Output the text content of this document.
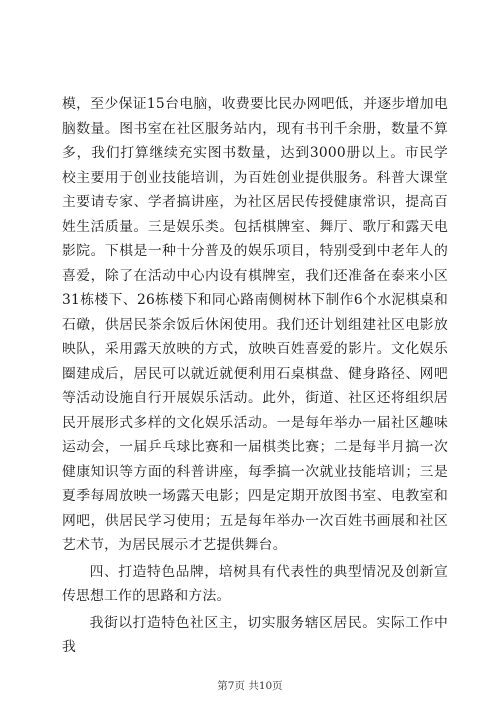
模，至少保证15台电脑，收费要比民办网吧低，并逐步增加电脑数量。图书室在社区服务站内，现有书刊千余册，数量不算多，我们打算继续充实图书数量，达到3000册以上。市民学校主要用于创业技能培训，为百姓创业提供服务。科普大课堂主要请专家、学者搞讲座，为社区居民传授健康常识，提高百姓生活质量。三是娱乐类。包括棋牌室、舞厅、歌厅和露天电影院。下棋是一种十分普及的娱乐项目，特别受到中老年人的喜爱，除了在活动中心内设有棋牌室，我们还准备在泰来小区31栋楼下、26栋楼下和同心路南侧树林下制作6个水泥棋桌和石礅，供居民茶余饭后休闲使用。我们还计划组建社区电影放映队，采用露天放映的方式，放映百姓喜爱的影片。文化娱乐圈建成后，居民可以就近就便利用石桌棋盘、健身路径、网吧等活动设施自行开展娱乐活动。此外，街道、社区还将组织居民开展形式多样的文化娱乐活动。一是每年举办一届社区趣味运动会，一届乒乓球比赛和一届棋类比赛；二是每半月搞一次健康知识等方面的科普讲座，每季搞一次就业技能培训；三是夏季每周放映一场露天电影；四是定期开放图书室、电教室和网吧，供居民学习使用；五是每年举办一次百姓书画展和社区艺术节，为居民展示才艺提供舞台。

四、打造特色品牌，培树具有代表性的典型情况及创新宣传思想工作的思路和方法。

我街以打造特色社区主，切实服务辖区居民。实际工作中我

第7页 共10页
